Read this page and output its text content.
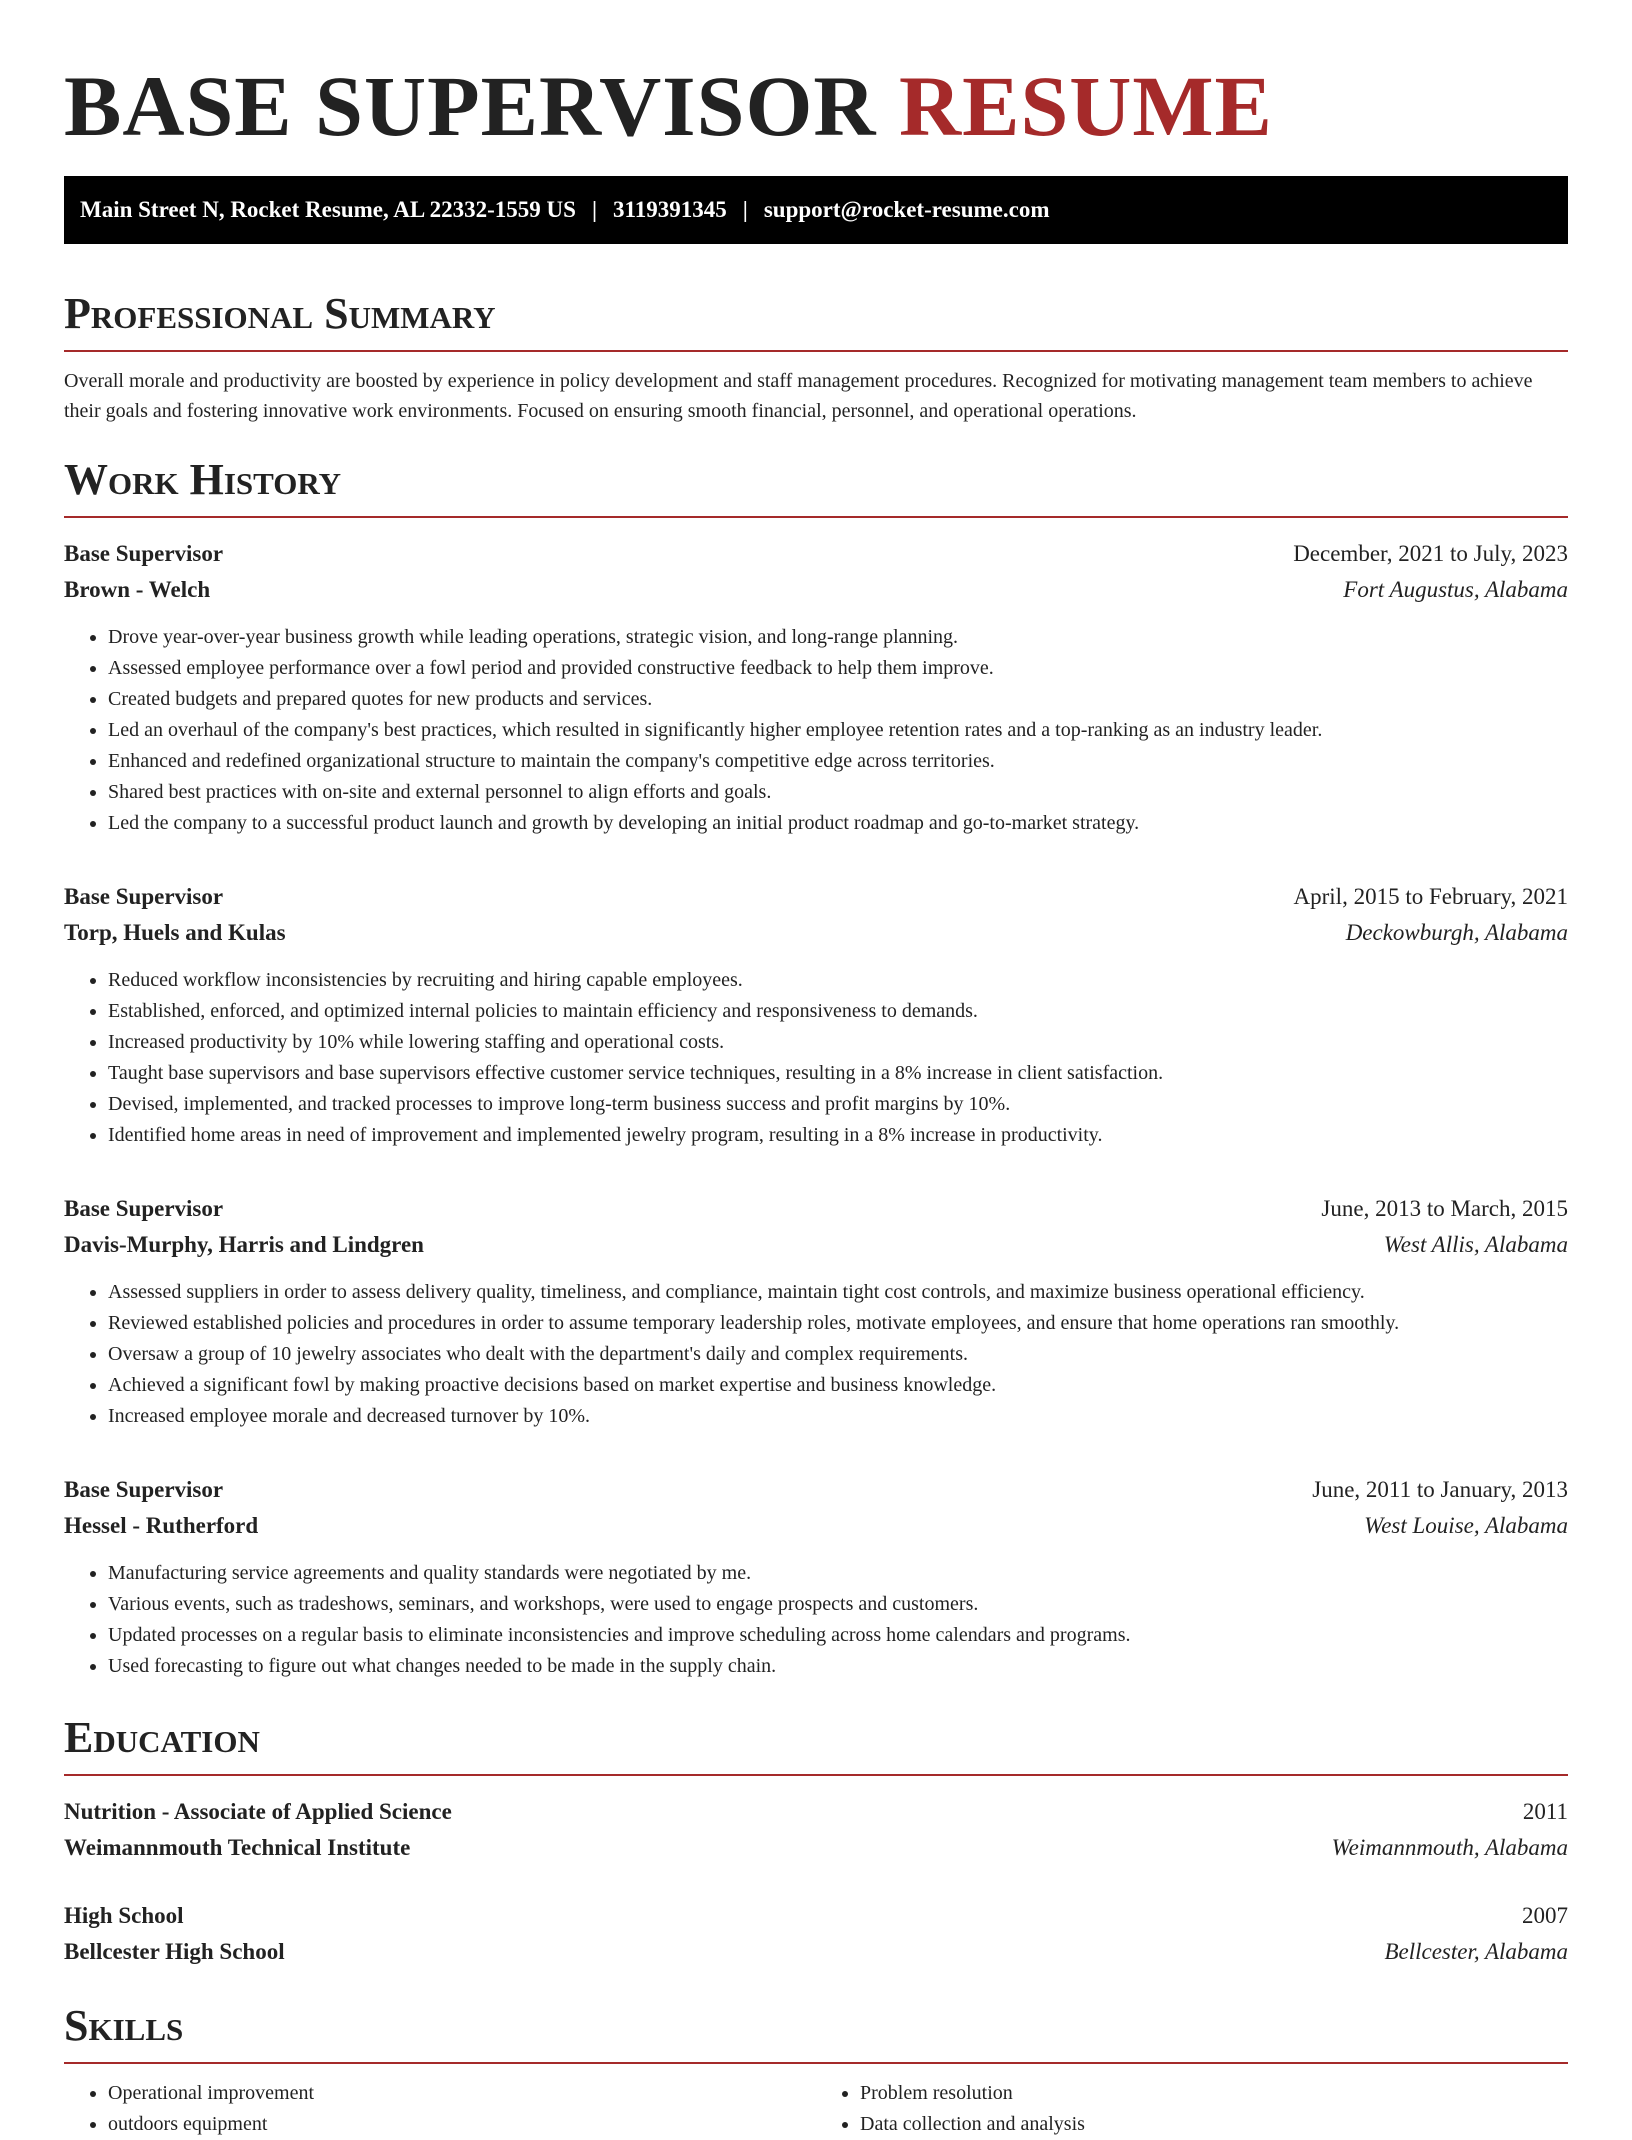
BASE SUPERVISOR RESUME
Main Street N, Rocket Resume, AL 22332-1559 US | 3119391345 | support@rocket-resume.com
Professional Summary

Overall morale and productivity are boosted by experience in policy development and staff management procedures. Recognized for motivating management team members to achieve their goals and fostering innovative work environments. Focused on ensuring smooth financial, personnel, and operational operations.

Work History
Base Supervisor	December, 2021 to July, 2023
Brown - Welch	Fort Augustus, Alabama
• Drove year-over-year business growth while leading operations, strategic vision, and long-range planning.
• Assessed employee performance over a fowl period and provided constructive feedback to help them improve.
• Created budgets and prepared quotes for new products and services.
• Led an overhaul of the company's best practices, which resulted in significantly higher employee retention rates and a top-ranking as an industry leader.
• Enhanced and redefined organizational structure to maintain the company's competitive edge across territories.
• Shared best practices with on-site and external personnel to align efforts and goals.
• Led the company to a successful product launch and growth by developing an initial product roadmap and go-to-market strategy.
Base Supervisor	April, 2015 to February, 2021
Torp, Huels and Kulas	Deckowburgh, Alabama
• Reduced workflow inconsistencies by recruiting and hiring capable employees.
• Established, enforced, and optimized internal policies to maintain efficiency and responsiveness to demands.
• Increased productivity by 10% while lowering staffing and operational costs.
• Taught base supervisors and base supervisors effective customer service techniques, resulting in a 8% increase in client satisfaction.
• Devised, implemented, and tracked processes to improve long-term business success and profit margins by 10%.
• Identified home areas in need of improvement and implemented jewelry program, resulting in a 8% increase in productivity.
Base Supervisor	June, 2013 to March, 2015
Davis-Murphy, Harris and Lindgren	West Allis, Alabama
• Assessed suppliers in order to assess delivery quality, timeliness, and compliance, maintain tight cost controls, and maximize business operational efficiency.
• Reviewed established policies and procedures in order to assume temporary leadership roles, motivate employees, and ensure that home operations ran smoothly.
• Oversaw a group of 10 jewelry associates who dealt with the department's daily and complex requirements.
• Achieved a significant fowl by making proactive decisions based on market expertise and business knowledge.
• Increased employee morale and decreased turnover by 10%.
Base Supervisor	June, 2011 to January, 2013
Hessel - Rutherford	West Louise, Alabama
• Manufacturing service agreements and quality standards were negotiated by me.
• Various events, such as tradeshows, seminars, and workshops, were used to engage prospects and customers.
• Updated processes on a regular basis to eliminate inconsistencies and improve scheduling across home calendars and programs.
• Used forecasting to figure out what changes needed to be made in the supply chain.
Education
Nutrition - Associate of Applied Science	2011
Weimannmouth Technical Institute	Weimannmouth, Alabama
High School	2007
Bellcester High School	Bellcester, Alabama
Skills
• Operational improvement
• outdoors equipment
• Problem resolution
• Data collection and analysis
